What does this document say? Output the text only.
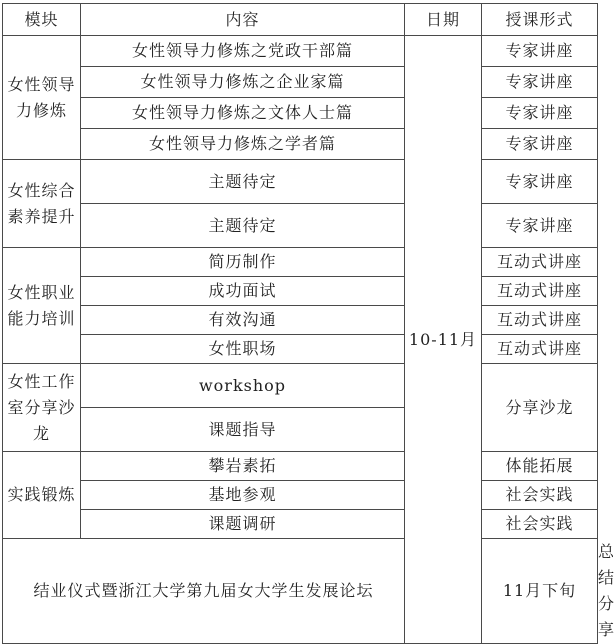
模块	内容	日期	授课形式	
女性领导力修炼	女性领导力修炼之党政干部篇	10-11月	专家讲座	
	女性领导力修炼之企业家篇		专家讲座	
	女性领导力修炼之文体人士篇		专家讲座	
	女性领导力修炼之学者篇		专家讲座	
女性综合素养提升	主题待定		专家讲座	
	主题待定		专家讲座	
女性职业能力培训	简历制作		互动式讲座	
	成功面试		互动式讲座	
	有效沟通		互动式讲座	
	女性职场		互动式讲座	
女性工作室分享沙龙	workshop		分享沙龙	
	课题指导			
实践锻炼	攀岩素拓		体能拓展	
	基地参观		社会实践	
	课题调研		社会实践	
结业仪式暨浙江大学第九届女大学生发展论坛			11月下旬	总结分享
